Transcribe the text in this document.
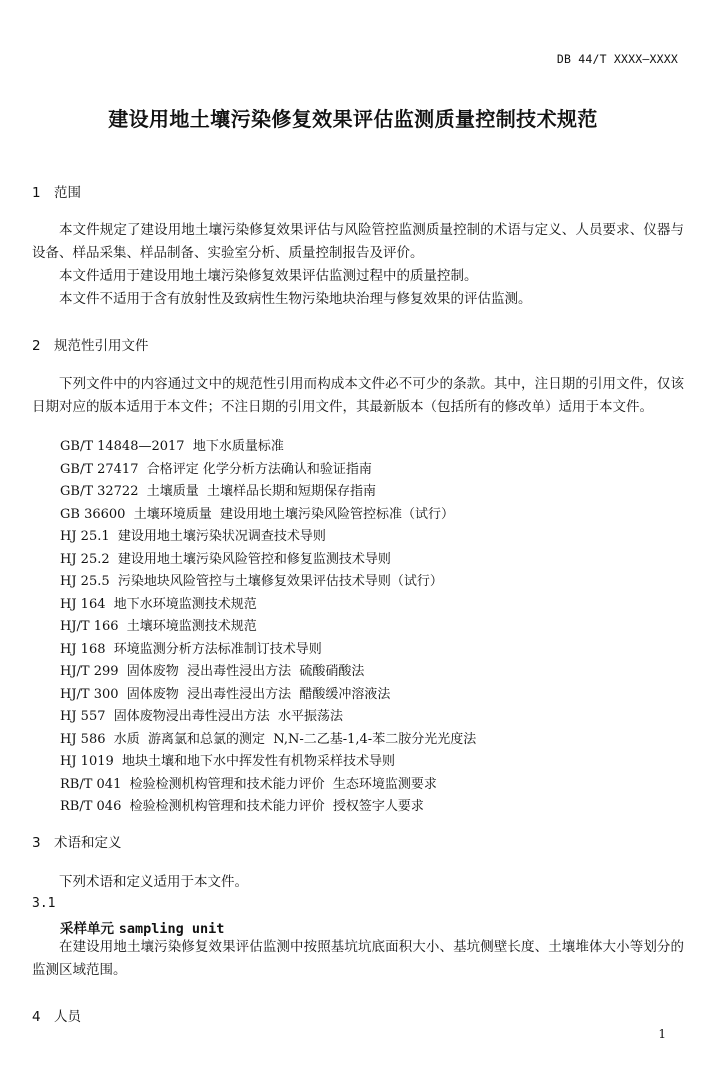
DB 44/T XXXX—XXXX
建设用地土壤污染修复效果评估监测质量控制技术规范
1 范围
本文件规定了建设用地土壤污染修复效果评估与风险管控监测质量控制的术语与定义、人员要求、仪器与设备、样品采集、样品制备、实验室分析、质量控制报告及评价。
本文件适用于建设用地土壤污染修复效果评估监测过程中的质量控制。
本文件不适用于含有放射性及致病性生物污染地块治理与修复效果的评估监测。
2 规范性引用文件
下列文件中的内容通过文中的规范性引用而构成本文件必不可少的条款。其中，注日期的引用文件，仅该日期对应的版本适用于本文件；不注日期的引用文件，其最新版本（包括所有的修改单）适用于本文件。
GB/T 14848—2017  地下水质量标准
GB/T 27417  合格评定 化学分析方法确认和验证指南
GB/T 32722  土壤质量  土壤样品长期和短期保存指南
GB 36600  土壤环境质量  建设用地土壤污染风险管控标准（试行）
HJ 25.1  建设用地土壤污染状况调查技术导则
HJ 25.2  建设用地土壤污染风险管控和修复监测技术导则
HJ 25.5  污染地块风险管控与土壤修复效果评估技术导则（试行）
HJ 164  地下水环境监测技术规范
HJ/T 166  土壤环境监测技术规范
HJ 168  环境监测分析方法标准制订技术导则
HJ/T 299  固体废物  浸出毒性浸出方法  硫酸硝酸法
HJ/T 300  固体废物  浸出毒性浸出方法  醋酸缓冲溶液法
HJ 557  固体废物浸出毒性浸出方法  水平振荡法
HJ 586  水质  游离氯和总氯的测定  N,N-二乙基-1,4-苯二胺分光光度法
HJ 1019  地块土壤和地下水中挥发性有机物采样技术导则
RB/T 041  检验检测机构管理和技术能力评价  生态环境监测要求
RB/T 046  检验检测机构管理和技术能力评价  授权签字人要求
3 术语和定义
下列术语和定义适用于本文件。
3.1
采样单元 sampling unit
在建设用地土壤污染修复效果评估监测中按照基坑坑底面积大小、基坑侧壁长度、土壤堆体大小等划分的监测区域范围。
4 人员
1
